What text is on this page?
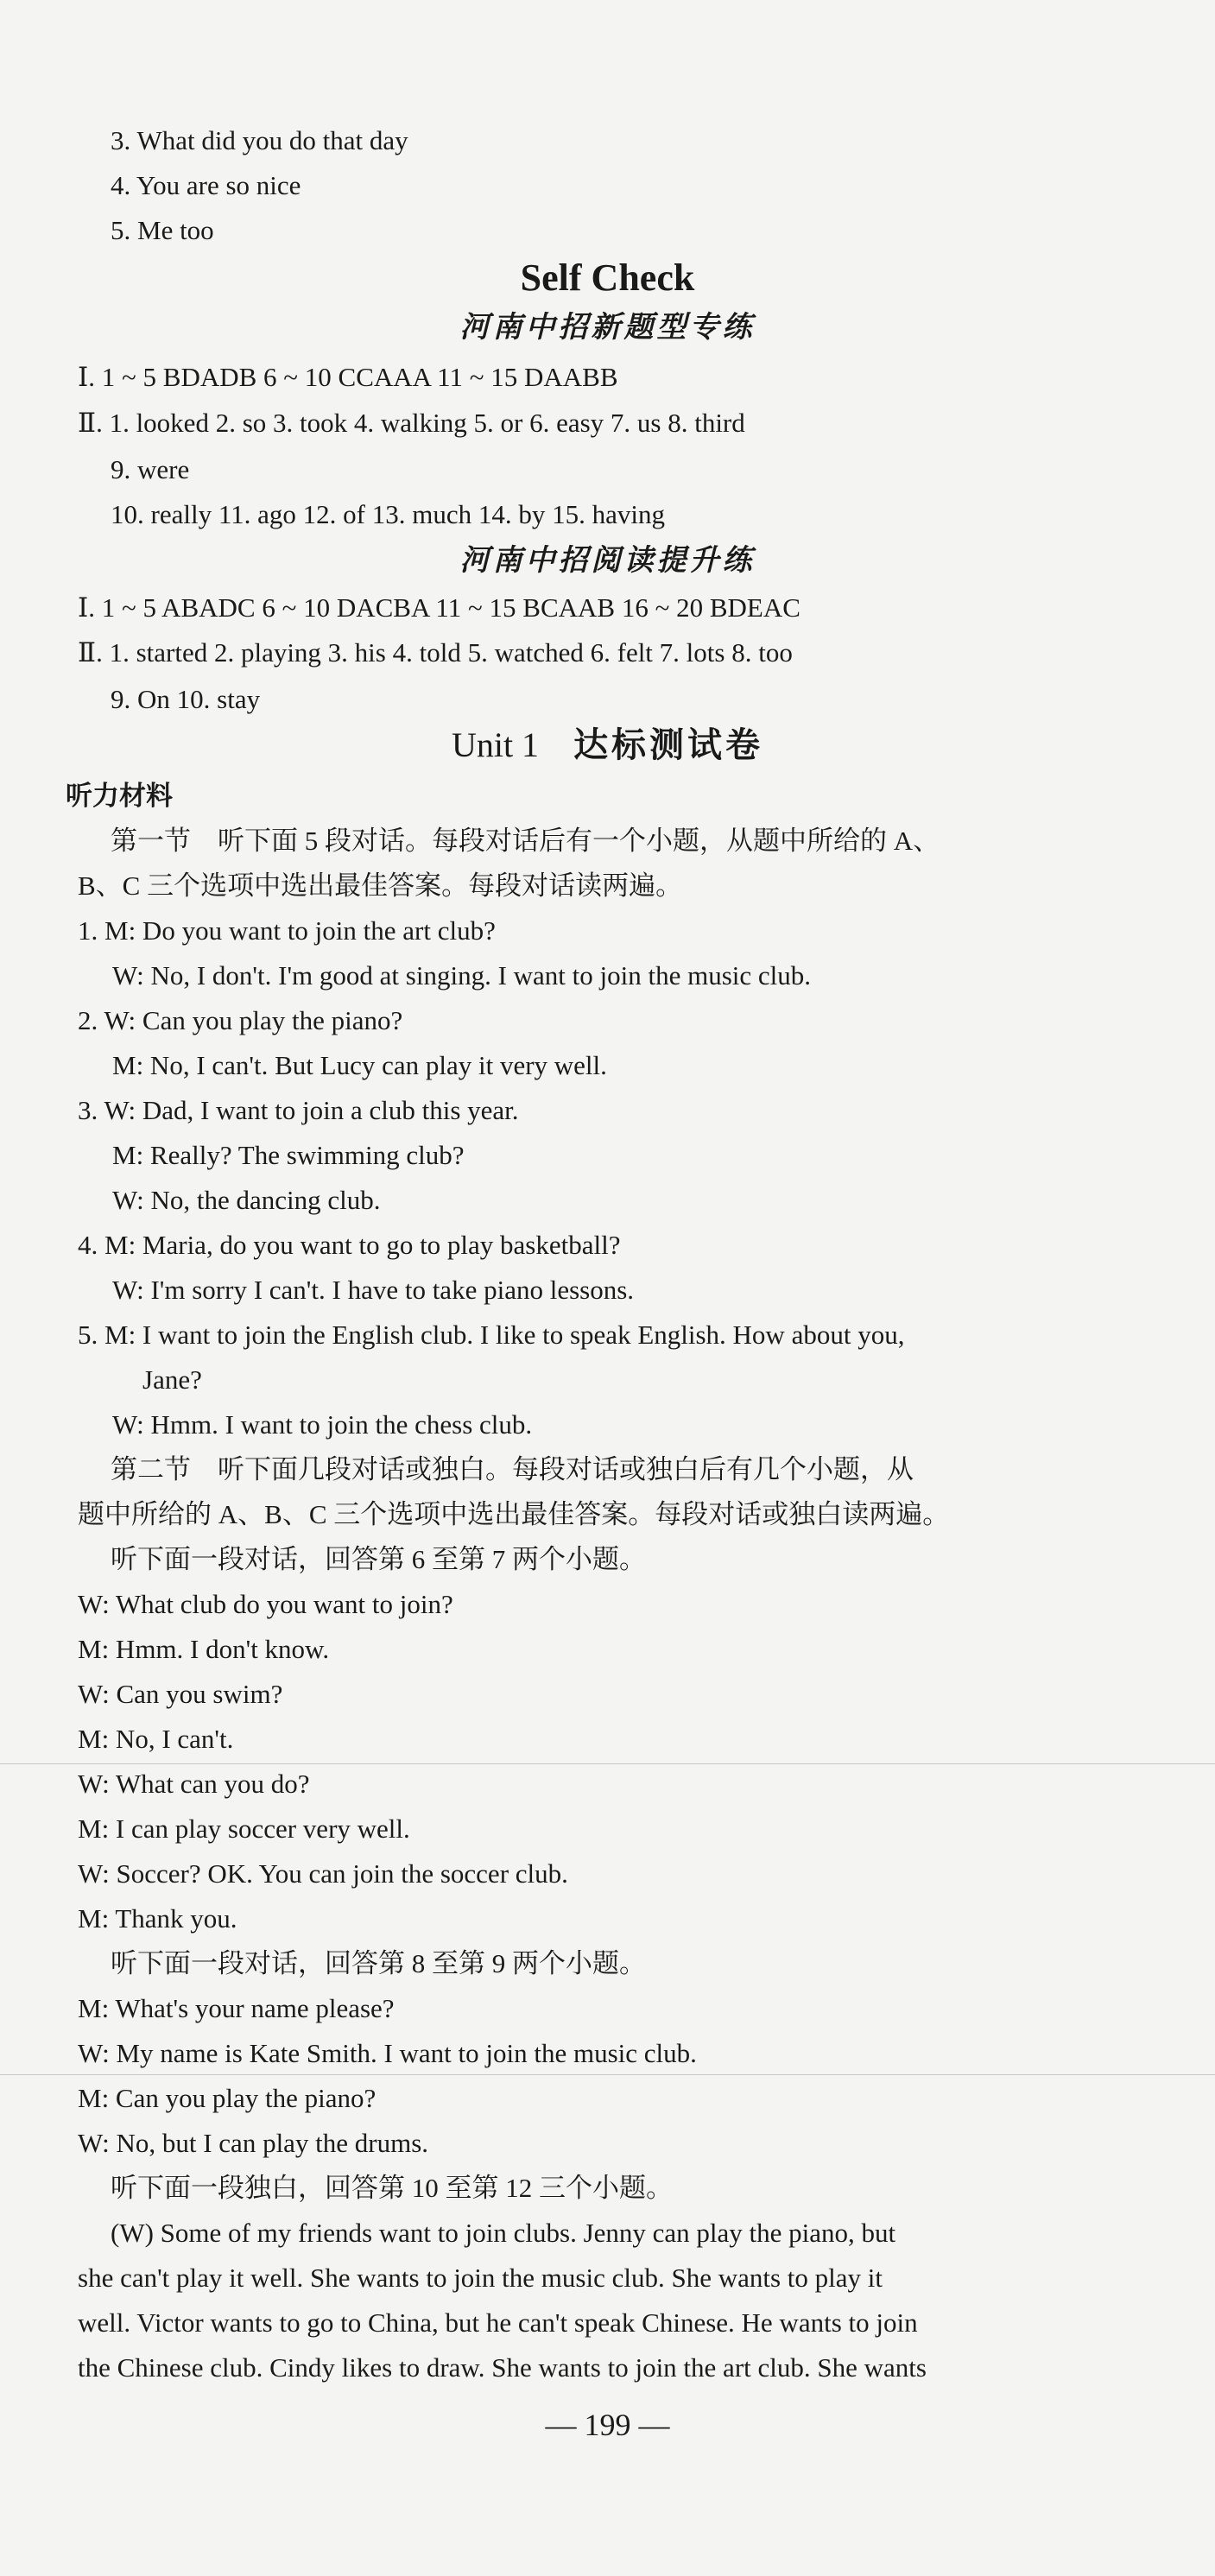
3. What did you do that day
4. You are so nice
5. Me too
Self Check
河南中招新题型专练
Ⅰ. 1 ~ 5 BDADB 6 ~ 10 CCAAA 11 ~ 15 DAABB
Ⅱ. 1. looked 2. so 3. took 4. walking 5. or 6. easy 7. us 8. third
9. were
10. really 11. ago 12. of 13. much 14. by 15. having
河南中招阅读提升练
Ⅰ. 1 ~ 5 ABADC 6 ~ 10 DACBA 11 ~ 15 BCAAB 16 ~ 20 BDEAC
Ⅱ. 1. started 2. playing 3. his 4. told 5. watched 6. felt 7. lots 8. too
9. On 10. stay
Unit 1 达标测试卷
听力材料
第一节　听下面 5 段对话。每段对话后有一个小题，从题中所给的 A、
B、C 三个选项中选出最佳答案。每段对话读两遍。
1. M: Do you want to join the art club?
W: No, I don't. I'm good at singing. I want to join the music club.
2. W: Can you play the piano?
M: No, I can't. But Lucy can play it very well.
3. W: Dad, I want to join a club this year.
M: Really? The swimming club?
W: No, the dancing club.
4. M: Maria, do you want to go to play basketball?
W: I'm sorry I can't. I have to take piano lessons.
5. M: I want to join the English club. I like to speak English. How about you,
Jane?
W: Hmm. I want to join the chess club.
第二节　听下面几段对话或独白。每段对话或独白后有几个小题，从
题中所给的 A、B、C 三个选项中选出最佳答案。每段对话或独白读两遍。
听下面一段对话，回答第 6 至第 7 两个小题。
W: What club do you want to join?
M: Hmm. I don't know.
W: Can you swim?
M: No, I can't.
W: What can you do?
M: I can play soccer very well.
W: Soccer? OK. You can join the soccer club.
M: Thank you.
听下面一段对话，回答第 8 至第 9 两个小题。
M: What's your name please?
W: My name is Kate Smith. I want to join the music club.
M: Can you play the piano?
W: No, but I can play the drums.
听下面一段独白，回答第 10 至第 12 三个小题。
(W) Some of my friends want to join clubs. Jenny can play the piano, but
she can't play it well. She wants to join the music club. She wants to play it
well. Victor wants to go to China, but he can't speak Chinese. He wants to join
the Chinese club. Cindy likes to draw. She wants to join the art club. She wants
— 199 —
